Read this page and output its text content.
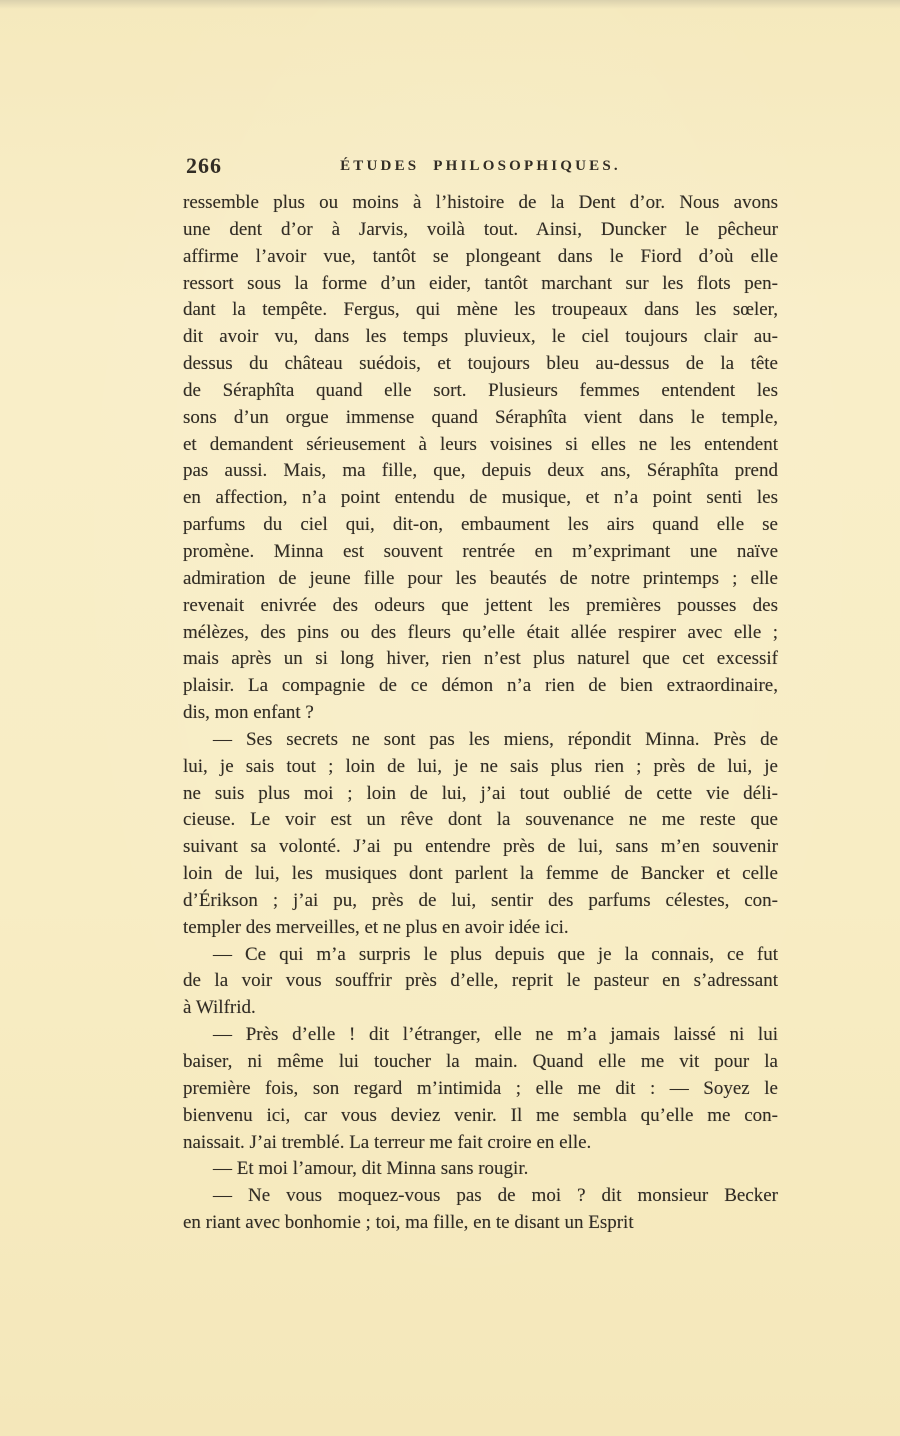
266	ÉTUDES PHILOSOPHIQUES.
ressemble plus ou moins à l’histoire de la Dent d’or. Nous avons
une dent d’or à Jarvis, voilà tout. Ainsi, Duncker le pêcheur
affirme l’avoir vue, tantôt se plongeant dans le Fiord d’où elle
ressort sous la forme d’un eider, tantôt marchant sur les flots pen-
dant la tempête. Fergus, qui mène les troupeaux dans les sœler,
dit avoir vu, dans les temps pluvieux, le ciel toujours clair au-
dessus du château suédois, et toujours bleu au-dessus de la tête
de Séraphîta quand elle sort. Plusieurs femmes entendent les
sons d’un orgue immense quand Séraphîta vient dans le temple,
et demandent sérieusement à leurs voisines si elles ne les entendent
pas aussi. Mais, ma fille, que, depuis deux ans, Séraphîta prend
en affection, n’a point entendu de musique, et n’a point senti les
parfums du ciel qui, dit-on, embaument les airs quand elle se
promène. Minna est souvent rentrée en m’exprimant une naïve
admiration de jeune fille pour les beautés de notre printemps ; elle
revenait enivrée des odeurs que jettent les premières pousses des
mélèzes, des pins ou des fleurs qu’elle était allée respirer avec elle ;
mais après un si long hiver, rien n’est plus naturel que cet excessif
plaisir. La compagnie de ce démon n’a rien de bien extraordinaire,
dis, mon enfant ?
— Ses secrets ne sont pas les miens, répondit Minna. Près de
lui, je sais tout ; loin de lui, je ne sais plus rien ; près de lui, je
ne suis plus moi ; loin de lui, j’ai tout oublié de cette vie déli-
cieuse. Le voir est un rêve dont la souvenance ne me reste que
suivant sa volonté. J’ai pu entendre près de lui, sans m’en souvenir
loin de lui, les musiques dont parlent la femme de Bancker et celle
d’Érikson ; j’ai pu, près de lui, sentir des parfums célestes, con-
templer des merveilles, et ne plus en avoir idée ici.
— Ce qui m’a surpris le plus depuis que je la connais, ce fut
de la voir vous souffrir près d’elle, reprit le pasteur en s’adressant
à Wilfrid.
— Près d’elle ! dit l’étranger, elle ne m’a jamais laissé ni lui
baiser, ni même lui toucher la main. Quand elle me vit pour la
première fois, son regard m’intimida ; elle me dit : — Soyez le
bienvenu ici, car vous deviez venir. Il me sembla qu’elle me con-
naissait. J’ai tremblé. La terreur me fait croire en elle.
— Et moi l’amour, dit Minna sans rougir.
— Ne vous moquez-vous pas de moi ? dit monsieur Becker
en riant avec bonhomie ; toi, ma fille, en te disant un Esprit
